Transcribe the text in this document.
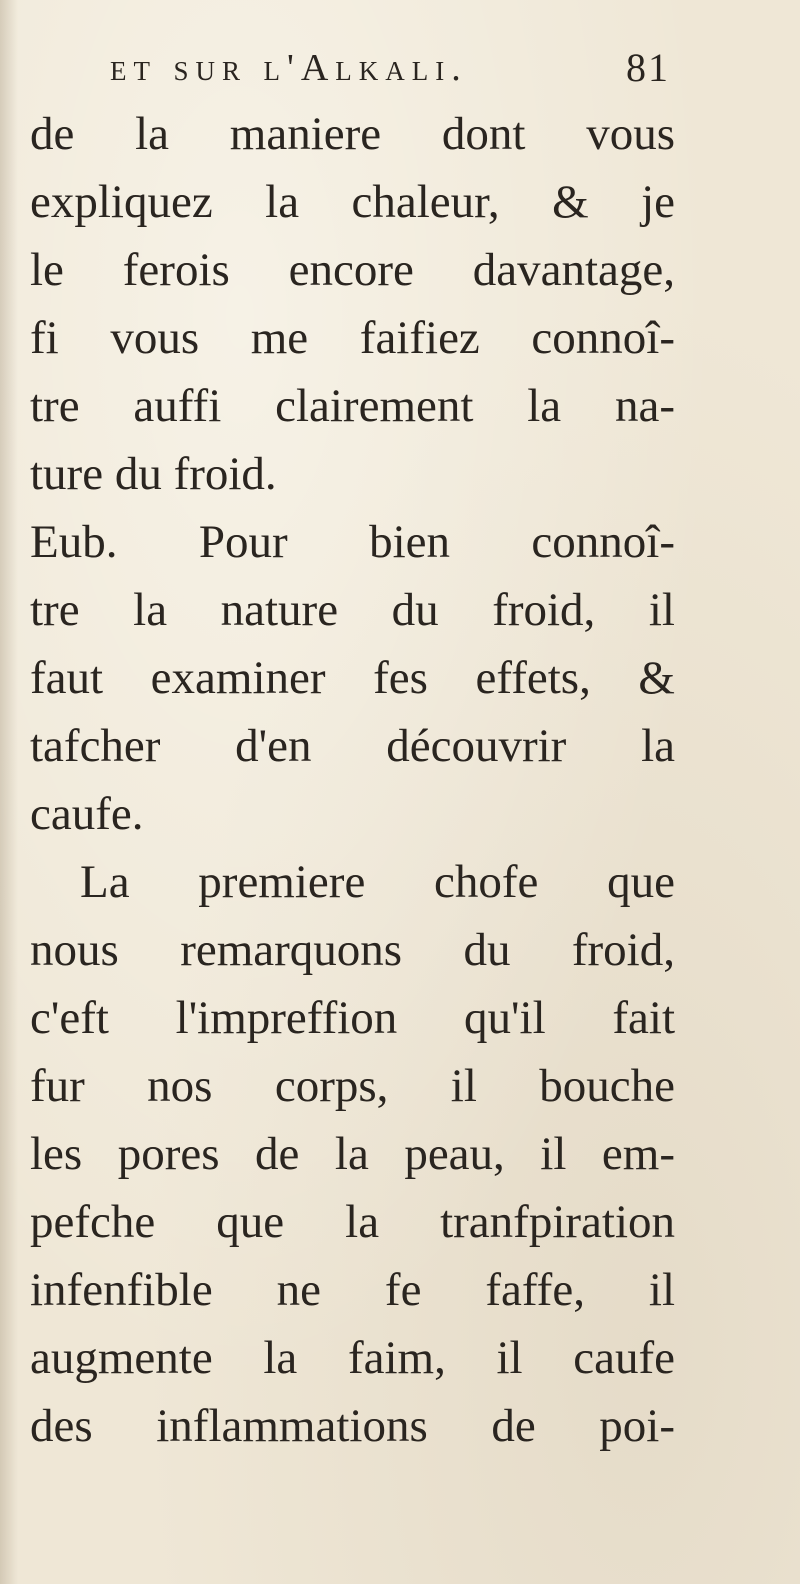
et sur l'Alkali.	81
de la maniere dont vous
expliquez la chaleur, & je
le ferois encore davantage,
fi vous me faifiez connoî-
tre auffi clairement la na-
ture du froid.
Eub. Pour bien connoî-
tre la nature du froid, il
faut examiner fes effets, &
tafcher d'en découvrir la
caufe.
La premiere chofe que
nous remarquons du froid,
c'eft l'impreffion qu'il fait
fur nos corps, il bouche
les pores de la peau, il em-
pefche que la tranfpiration
infenfible ne fe faffe, il
augmente la faim, il caufe
des inflammations de poi-
